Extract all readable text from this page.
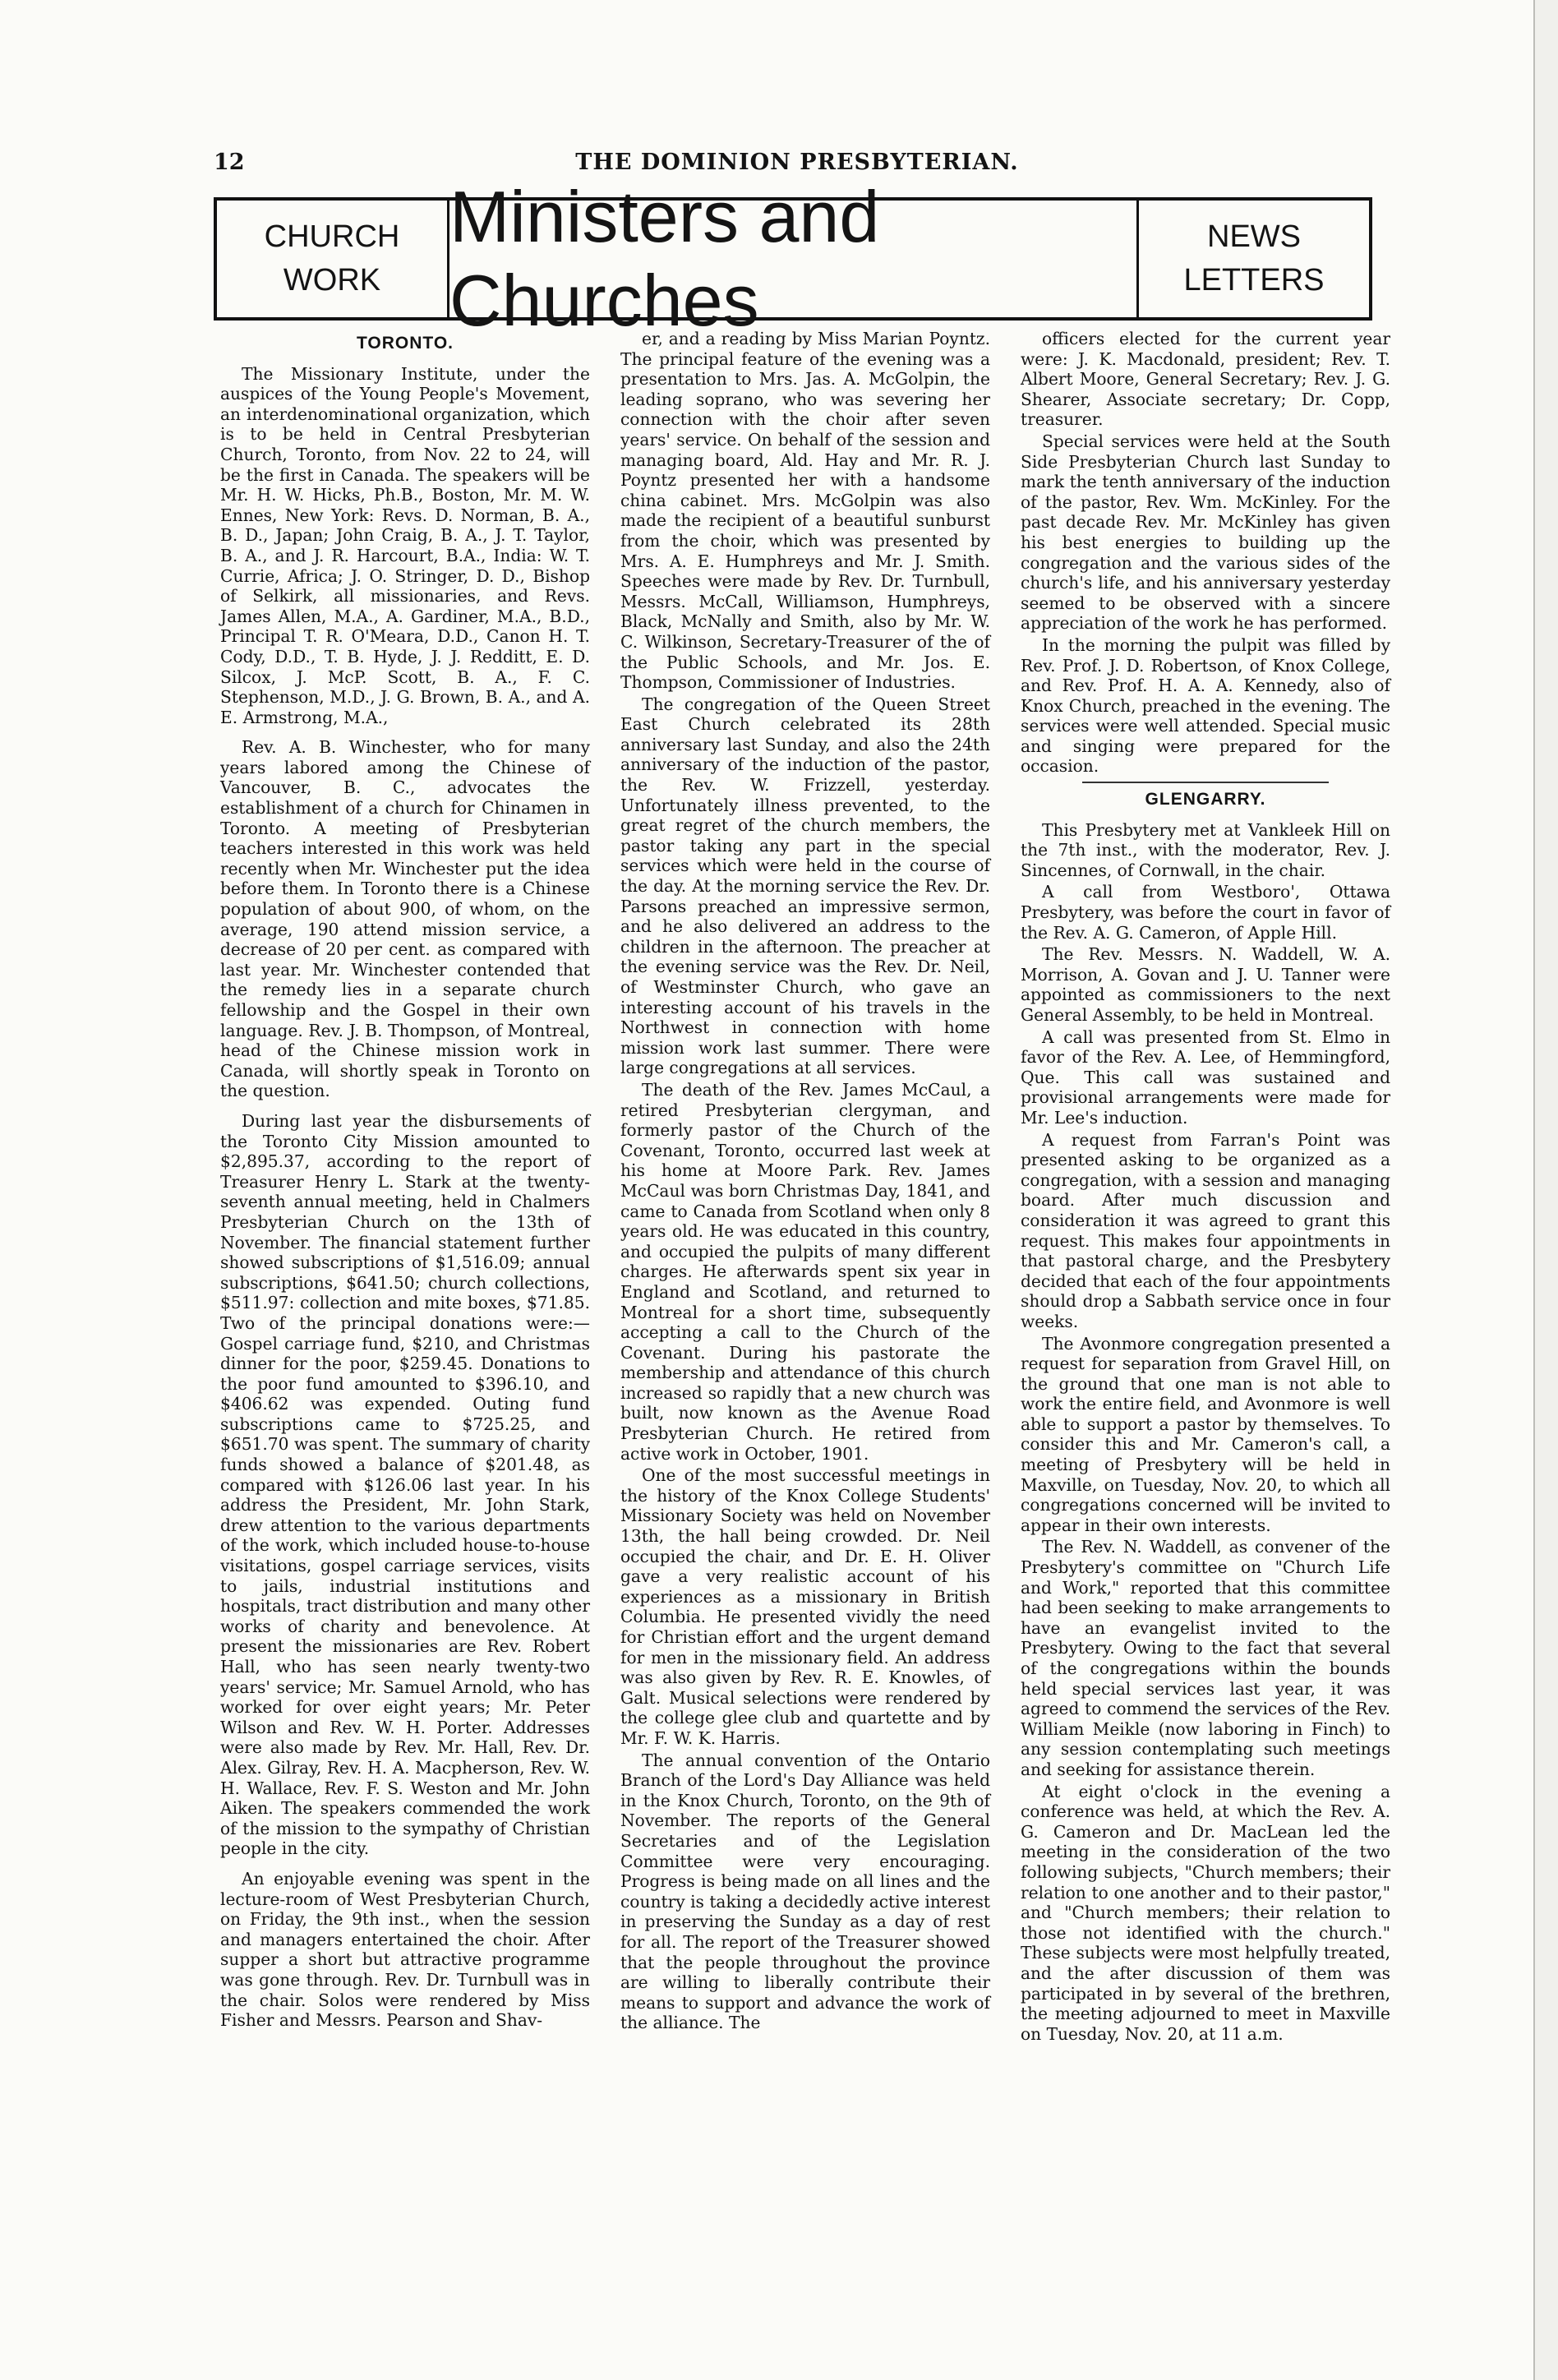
12	THE DOMINION PRESBYTERIAN.
CHURCH
WORK
Ministers and Churches
NEWS
LETTERS
TORONTO.

The Missionary Institute, under the auspices of the Young People's Movement, an interdenominational organization, which is to be held in Central Presbyterian Church, Toronto, from Nov. 22 to 24, will be the first in Canada. The speakers will be Mr. H. W. Hicks, Ph.B., Boston, Mr. M. W. Ennes, New York: Revs. D. Norman, B. A., B. D., Japan; John Craig, B. A., J. T. Taylor, B. A., and J. R. Harcourt, B.A., India: W. T. Currie, Africa; J. O. Stringer, D. D., Bishop of Selkirk, all missionaries, and Revs. James Allen, M.A., A. Gardiner, M.A., B.D., Principal T. R. O'Meara, D.D., Canon H. T. Cody, D.D., T. B. Hyde, J. J. Redditt, E. D. Silcox, J. McP. Scott, B. A., F. C. Stephenson, M.D., J. G. Brown, B. A., and A. E. Armstrong, M.A.,

Rev. A. B. Winchester, who for many years labored among the Chinese of Vancouver, B. C., advocates the establishment of a church for Chinamen in Toronto. A meeting of Presbyterian teachers interested in this work was held recently when Mr. Winchester put the idea before them. In Toronto there is a Chinese population of about 900, of whom, on the average, 190 attend mission service, a decrease of 20 per cent. as compared with last year. Mr. Winchester contended that the remedy lies in a separate church fellowship and the Gospel in their own language. Rev. J. B. Thompson, of Montreal, head of the Chinese mission work in Canada, will shortly speak in Toronto on the question.

During last year the disbursements of the Toronto City Mission amounted to $2,895.37, according to the report of Treasurer Henry L. Stark at the twenty-seventh annual meeting, held in Chalmers Presbyterian Church on the 13th of November. The financial statement further showed subscriptions of $1,516.09; annual subscriptions, $641.50; church collections, $511.97: collection and mite boxes, $71.85. Two of the principal donations were:—Gospel carriage fund, $210, and Christmas dinner for the poor, $259.45. Donations to the poor fund amounted to $396.10, and $406.62 was expended. Outing fund subscriptions came to $725.25, and $651.70 was spent. The summary of charity funds showed a balance of $201.48, as compared with $126.06 last year. In his address the President, Mr. John Stark, drew attention to the various departments of the work, which included house-to-house visitations, gospel carriage services, visits to jails, industrial institutions and hospitals, tract distribution and many other works of charity and benevolence. At present the missionaries are Rev. Robert Hall, who has seen nearly twenty-two years' service; Mr. Samuel Arnold, who has worked for over eight years; Mr. Peter Wilson and Rev. W. H. Porter. Addresses were also made by Rev. Mr. Hall, Rev. Dr. Alex. Gilray, Rev. H. A. Macpherson, Rev. W. H. Wallace, Rev. F. S. Weston and Mr. John Aiken. The speakers commended the work of the mission to the sympathy of Christian people in the city.

An enjoyable evening was spent in the lecture-room of West Presbyterian Church, on Friday, the 9th inst., when the session and managers entertained the choir. After supper a short but attractive programme was gone through. Rev. Dr. Turnbull was in the chair. Solos were rendered by Miss Fisher and Messrs. Pearson and Shav-

er, and a reading by Miss Marian Poyntz. The principal feature of the evening was a presentation to Mrs. Jas. A. McGolpin, the leading soprano, who was severing her connection with the choir after seven years' service. On behalf of the session and managing board, Ald. Hay and Mr. R. J. Poyntz presented her with a handsome china cabinet. Mrs. McGolpin was also made the recipient of a beautiful sunburst from the choir, which was presented by Mrs. A. E. Humphreys and Mr. J. Smith. Speeches were made by Rev. Dr. Turnbull, Messrs. McCall, Williamson, Humphreys, Black, McNally and Smith, also by Mr. W. C. Wilkinson, Secretary-Treasurer of the of the Public Schools, and Mr. Jos. E. Thompson, Commissioner of Industries.

The congregation of the Queen Street East Church celebrated its 28th anniversary last Sunday, and also the 24th anniversary of the induction of the pastor, the Rev. W. Frizzell, yesterday. Unfortunately illness prevented, to the great regret of the church members, the pastor taking any part in the special services which were held in the course of the day. At the morning service the Rev. Dr. Parsons preached an impressive sermon, and he also delivered an address to the children in the afternoon. The preacher at the evening service was the Rev. Dr. Neil, of Westminster Church, who gave an interesting account of his travels in the Northwest in connection with home mission work last summer. There were large congregations at all services.

The death of the Rev. James McCaul, a retired Presbyterian clergyman, and formerly pastor of the Church of the Covenant, Toronto, occurred last week at his home at Moore Park. Rev. James McCaul was born Christmas Day, 1841, and came to Canada from Scotland when only 8 years old. He was educated in this country, and occupied the pulpits of many different charges. He afterwards spent six year in England and Scotland, and returned to Montreal for a short time, subsequently accepting a call to the Church of the Covenant. During his pastorate the membership and attendance of this church increased so rapidly that a new church was built, now known as the Avenue Road Presbyterian Church. He retired from active work in October, 1901.

One of the most successful meetings in the history of the Knox College Students' Missionary Society was held on November 13th, the hall being crowded. Dr. Neil occupied the chair, and Dr. E. H. Oliver gave a very realistic account of his experiences as a missionary in British Columbia. He presented vividly the need for Christian effort and the urgent demand for men in the missionary field. An address was also given by Rev. R. E. Knowles, of Galt. Musical selections were rendered by the college glee club and quartette and by Mr. F. W. K. Harris.

The annual convention of the Ontario Branch of the Lord's Day Alliance was held in the Knox Church, Toronto, on the 9th of November. The reports of the General Secretaries and of the Legislation Committee were very encouraging. Progress is being made on all lines and the country is taking a decidedly active interest in preserving the Sunday as a day of rest for all. The report of the Treasurer showed that the people throughout the province are willing to liberally contribute their means to support and advance the work of the alliance. The

officers elected for the current year were: J. K. Macdonald, president; Rev. T. Albert Moore, General Secretary; Rev. J. G. Shearer, Associate secretary; Dr. Copp, treasurer.

Special services were held at the South Side Presbyterian Church last Sunday to mark the tenth anniversary of the induction of the pastor, Rev. Wm. McKinley. For the past decade Rev. Mr. McKinley has given his best energies to building up the congregation and the various sides of the church's life, and his anniversary yesterday seemed to be observed with a sincere appreciation of the work he has performed.

In the morning the pulpit was filled by Rev. Prof. J. D. Robertson, of Knox College, and Rev. Prof. H. A. A. Kennedy, also of Knox Church, preached in the evening. The services were well attended. Special music and singing were prepared for the occasion.

GLENGARRY.

This Presbytery met at Vankleek Hill on the 7th inst., with the moderator, Rev. J. Sincennes, of Cornwall, in the chair.

A call from Westboro', Ottawa Presbytery, was before the court in favor of the Rev. A. G. Cameron, of Apple Hill.

The Rev. Messrs. N. Waddell, W. A. Morrison, A. Govan and J. U. Tanner were appointed as commissioners to the next General Assembly, to be held in Montreal.

A call was presented from St. Elmo in favor of the Rev. A. Lee, of Hemmingford, Que. This call was sustained and provisional arrangements were made for Mr. Lee's induction.

A request from Farran's Point was presented asking to be organized as a congregation, with a session and managing board. After much discussion and consideration it was agreed to grant this request. This makes four appointments in that pastoral charge, and the Presbytery decided that each of the four appointments should drop a Sabbath service once in four weeks.

The Avonmore congregation presented a request for separation from Gravel Hill, on the ground that one man is not able to work the entire field, and Avonmore is well able to support a pastor by themselves. To consider this and Mr. Cameron's call, a meeting of Presbytery will be held in Maxville, on Tuesday, Nov. 20, to which all congregations concerned will be invited to appear in their own interests.

The Rev. N. Waddell, as convener of the Presbytery's committee on "Church Life and Work," reported that this committee had been seeking to make arrangements to have an evangelist invited to the Presbytery. Owing to the fact that several of the congregations within the bounds held special services last year, it was agreed to commend the services of the Rev. William Meikle (now laboring in Finch) to any session contemplating such meetings and seeking for assistance therein.

At eight o'clock in the evening a conference was held, at which the Rev. A. G. Cameron and Dr. MacLean led the meeting in the consideration of the two following subjects, "Church members; their relation to one another and to their pastor," and "Church members; their relation to those not identified with the church." These subjects were most helpfully treated, and the after discussion of them was participated in by several of the brethren, the meeting adjourned to meet in Maxville on Tuesday, Nov. 20, at 11 a.m.
